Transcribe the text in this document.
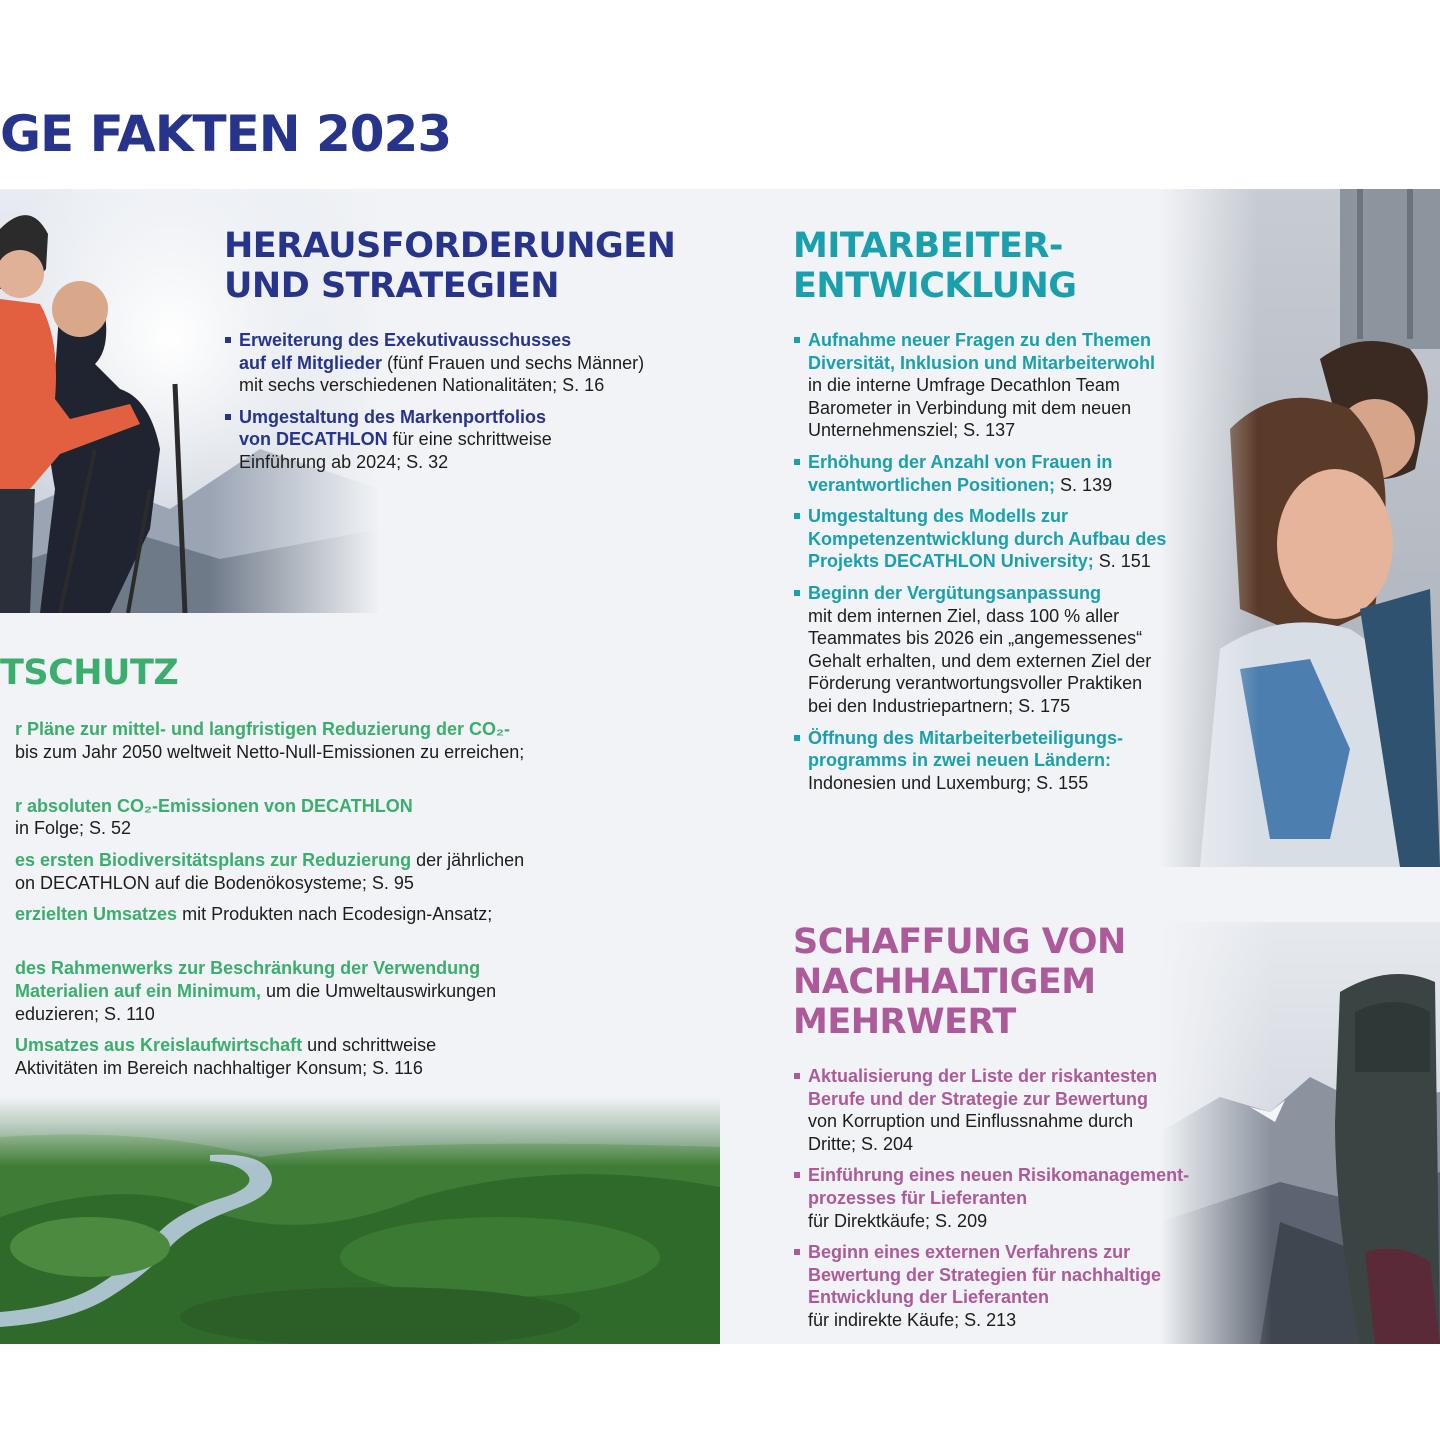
GE FAKTEN 2023
HERAUSFORDERUNGEN
UND STRATEGIEN
Erweiterung des Exekutivausschusses
auf elf Mitglieder (fünf Frauen und sechs Männer)
mit sechs verschiedenen Nationalitäten; S. 16
Umgestaltung des Markenportfolios
von DECATHLON für eine schrittweise
Einführung ab 2024; S. 32
MITARBEITER-
ENTWICKLUNG
Aufnahme neuer Fragen zu den Themen
Diversität, Inklusion und Mitarbeiterwohl
in die interne Umfrage Decathlon Team
Barometer in Verbindung mit dem neuen
Unternehmensziel; S. 137
Erhöhung der Anzahl von Frauen in
verantwortlichen Positionen; S. 139
Umgestaltung des Modells zur
Kompetenzentwicklung durch Aufbau des
Projekts DECATHLON University; S. 151
Beginn der Vergütungsanpassung
mit dem internen Ziel, dass 100 % aller
Teammates bis 2026 ein „angemessenes“
Gehalt erhalten, und dem externen Ziel der
Förderung verantwortungsvoller Praktiken
bei den Industriepartnern; S. 175
Öffnung des Mitarbeiterbeteiligungs-
programms in zwei neuen Ländern:
Indonesien und Luxemburg; S. 155
TSCHUTZ
r Pläne zur mittel- und langfristigen Reduzierung der CO₂-
bis zum Jahr 2050 weltweit Netto-Null-Emissionen zu erreichen;

r absoluten CO₂-Emissionen von DECATHLON
in Folge; S. 52
es ersten Biodiversitätsplans zur Reduzierung der jährlichen
on DECATHLON auf die Bodenökosysteme; S. 95
erzielten Umsatzes mit Produkten nach Ecodesign-Ansatz;

des Rahmenwerks zur Beschränkung der Verwendung
Materialien auf ein Minimum, um die Umweltauswirkungen
eduzieren; S. 110
Umsatzes aus Kreislaufwirtschaft und schrittweise
Aktivitäten im Bereich nachhaltiger Konsum; S. 116
SCHAFFUNG VON
NACHHALTIGEM
MEHRWERT
Aktualisierung der Liste der riskantesten
Berufe und der Strategie zur Bewertung
von Korruption und Einflussnahme durch
Dritte; S. 204
Einführung eines neuen Risikomanagement-
prozesses für Lieferanten
für Direktkäufe; S. 209
Beginn eines externen Verfahrens zur
Bewertung der Strategien für nachhaltige
Entwicklung der Lieferanten
für indirekte Käufe; S. 213
